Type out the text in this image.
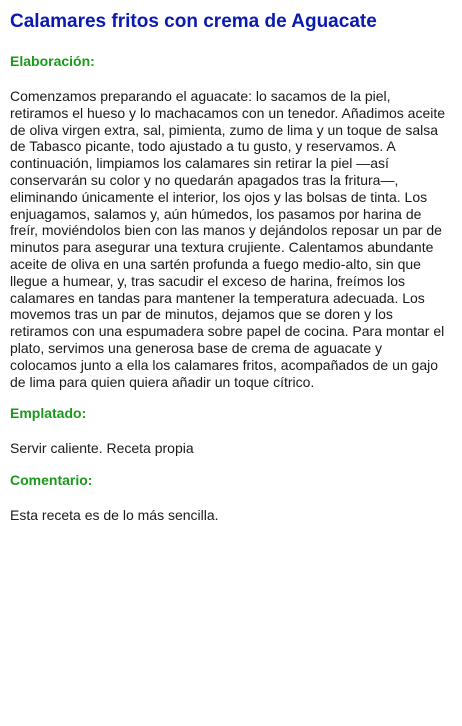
Calamares fritos con crema de Aguacate
Elaboración:

Comenzamos preparando el aguacate: lo sacamos de la piel, retiramos el hueso y lo machacamos con un tenedor. Añadimos aceite de oliva virgen extra, sal, pimienta, zumo de lima y un toque de salsa de Tabasco picante, todo ajustado a tu gusto, y reservamos. A continuación, limpiamos los calamares sin retirar la piel —así conservarán su color y no quedarán apagados tras la fritura—, eliminando únicamente el interior, los ojos y las bolsas de tinta. Los enjuagamos, salamos y, aún húmedos, los pasamos por harina de freír, moviéndolos bien con las manos y dejándolos reposar un par de minutos para asegurar una textura crujiente. Calentamos abundante aceite de oliva en una sartén profunda a fuego medio-alto, sin que llegue a humear, y, tras sacudir el exceso de harina, freímos los calamares en tandas para mantener la temperatura adecuada. Los movemos tras un par de minutos, dejamos que se doren y los retiramos con una espumadera sobre papel de cocina. Para montar el plato, servimos una generosa base de crema de aguacate y colocamos junto a ella los calamares fritos, acompañados de un gajo de lima para quien quiera añadir un toque cítrico.

Emplatado:

Servir caliente. Receta propia

Comentario:

Esta receta es de lo más sencilla.
